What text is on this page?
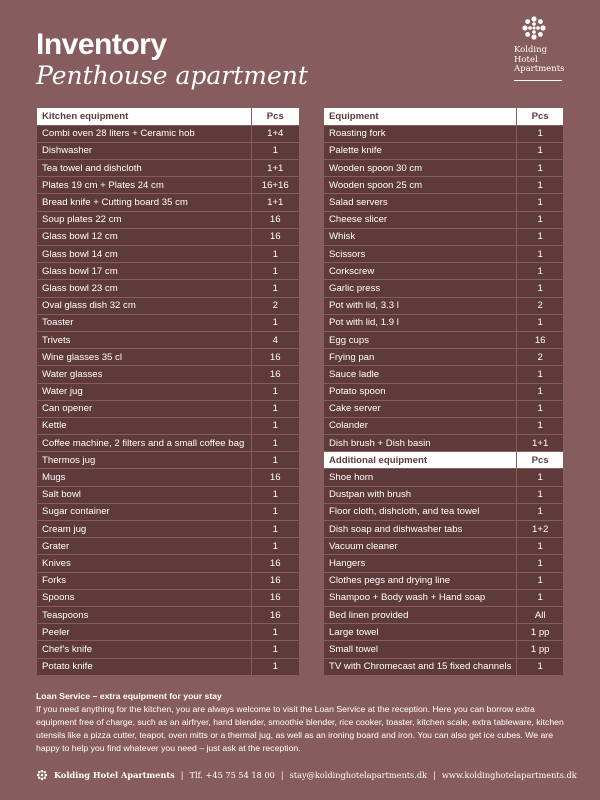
Inventory
Penthouse apartment
Kolding
Hotel
Apartments
Kitchen equipment	Pcs
Combi oven 28 liters + Ceramic hob	1+4
Dishwasher	1
Tea towel and dishcloth	1+1
Plates 19 cm + Plates 24 cm	16+16
Bread knife + Cutting board 35 cm	1+1
Soup plates 22 cm	16
Glass bowl 12 cm	16
Glass bowl 14 cm	1
Glass bowl 17 cm	1
Glass bowl 23 cm	1
Oval glass dish 32 cm	2
Toaster	1
Trivets	4
Wine glasses 35 cl	16
Water glasses	16
Water jug	1
Can opener	1
Kettle	1
Coffee machine, 2 filters and a small coffee bag	1
Thermos jug	1
Mugs	16
Salt bowl	1
Sugar container	1
Cream jug	1
Grater	1
Knives	16
Forks	16
Spoons	16
Teaspoons	16
Peeler	1
Chef’s knife	1
Potato knife	1
Equipment	Pcs
Roasting fork	1
Palette knife	1
Wooden spoon 30 cm	1
Wooden spoon 25 cm	1
Salad servers	1
Cheese slicer	1
Whisk	1
Scissors	1
Corkscrew	1
Garlic press	1
Pot with lid, 3.3 l	2
Pot with lid, 1.9 l	1
Egg cups	16
Frying pan	2
Sauce ladle	1
Potato spoon	1
Cake server	1
Colander	1
Dish brush + Dish basin	1+1
Additional equipment	Pcs
Shoe horn	1
Dustpan with brush	1
Floor cloth, dishcloth, and tea towel	1
Dish soap and dishwasher tabs	1+2
Vacuum cleaner	1
Hangers	1
Clothes pegs and drying line	1
Shampoo + Body wash + Hand soap	1
Bed linen provided	All
Large towel	1 pp
Small towel	1 pp
TV with Chromecast and 15 fixed channels	1
Loan Service – extra equipment for your stay
If you need anything for the kitchen, you are always welcome to visit the Loan Service at the reception. Here you can borrow extra equipment free of charge, such as an airfryer, hand blender, smoothie blender, rice cooker, toaster, kitchen scale, extra tableware, kitchen utensils like a pizza cutter, teapot, oven mitts or a thermal jug, as well as an ironing board and iron. You can also get ice cubes. We are happy to help you find whatever you need – just ask at the reception.
Kolding Hotel Apartments | Tlf. +45 75 54 18 00 | stay@koldinghotelapartments.dk | www.koldinghotelapartments.dk
